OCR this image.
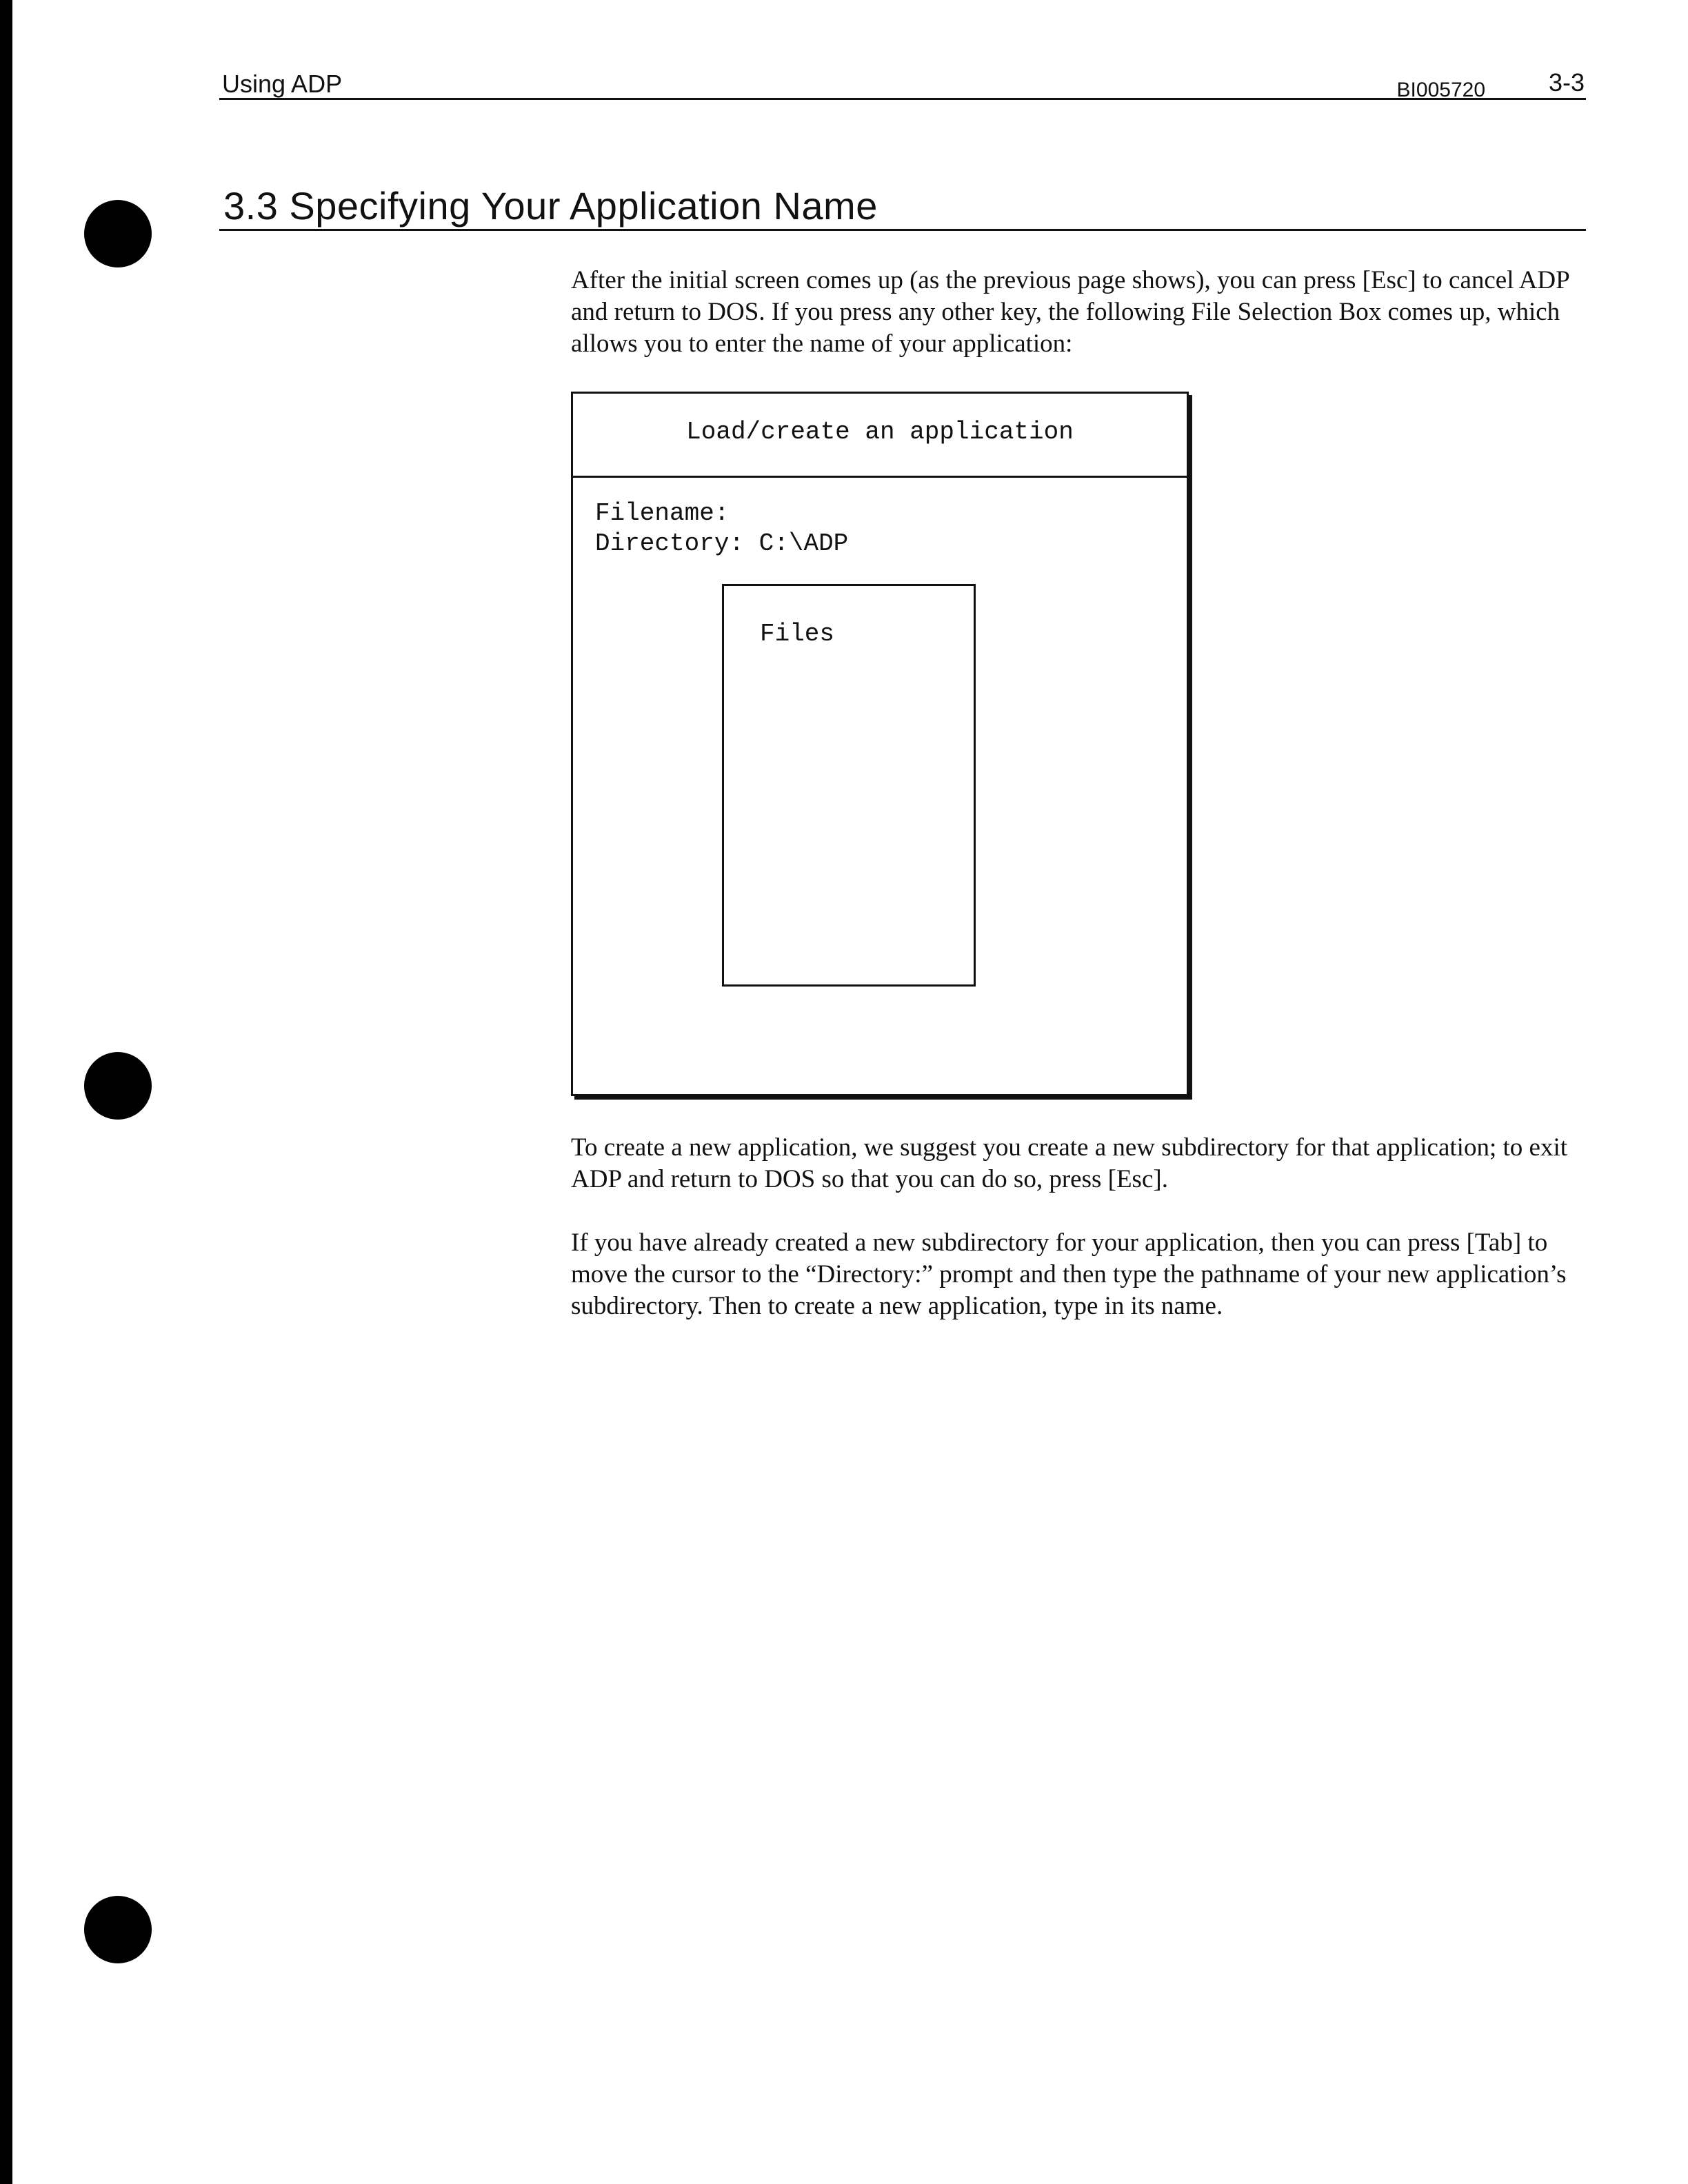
Using ADP	BI005720	3-3
3.3 Specifying Your Application Name

After the initial screen comes up (as the previous page shows), you can press [Esc] to cancel ADP and return to DOS. If you press any other key, the following File Selection Box comes up, which allows you to enter the name of your application:

Load/create an application
Filename:
Directory: C:\ADP
Files

To create a new application, we suggest you create a new subdirectory for that application; to exit ADP and return to DOS so that you can do so, press [Esc].

If you have already created a new subdirectory for your application, then you can press [Tab] to move the cursor to the “Directory:” prompt and then type the pathname of your new application’s subdirectory. Then to create a new application, type in its name.
